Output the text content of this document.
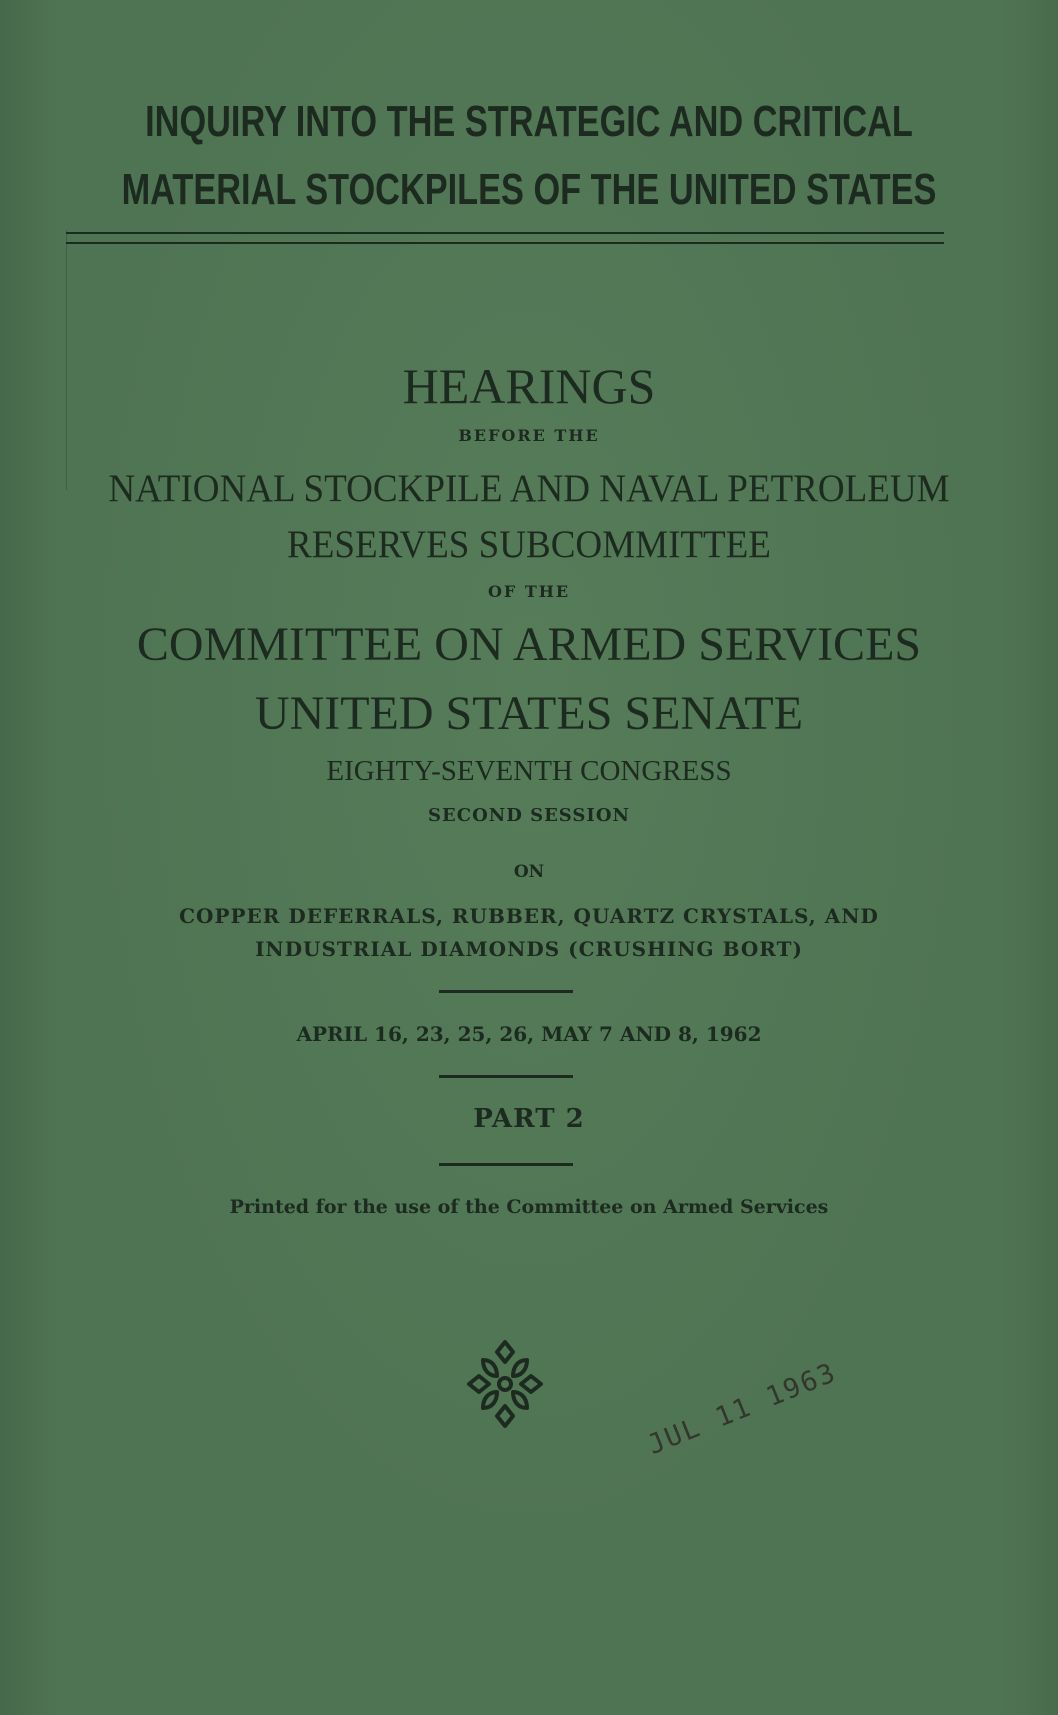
INQUIRY INTO THE STRATEGIC AND CRITICAL
MATERIAL STOCKPILES OF THE UNITED STATES
HEARINGS
BEFORE THE
NATIONAL STOCKPILE AND NAVAL PETROLEUM
RESERVES SUBCOMMITTEE
OF THE
COMMITTEE ON ARMED SERVICES
UNITED STATES SENATE
EIGHTY-SEVENTH CONGRESS
SECOND SESSION
ON
COPPER DEFERRALS, RUBBER, QUARTZ CRYSTALS, AND
INDUSTRIAL DIAMONDS (CRUSHING BORT)
APRIL 16, 23, 25, 26, MAY 7 AND 8, 1962
PART 2
Printed for the use of the Committee on Armed Services
JUL 11 1963
